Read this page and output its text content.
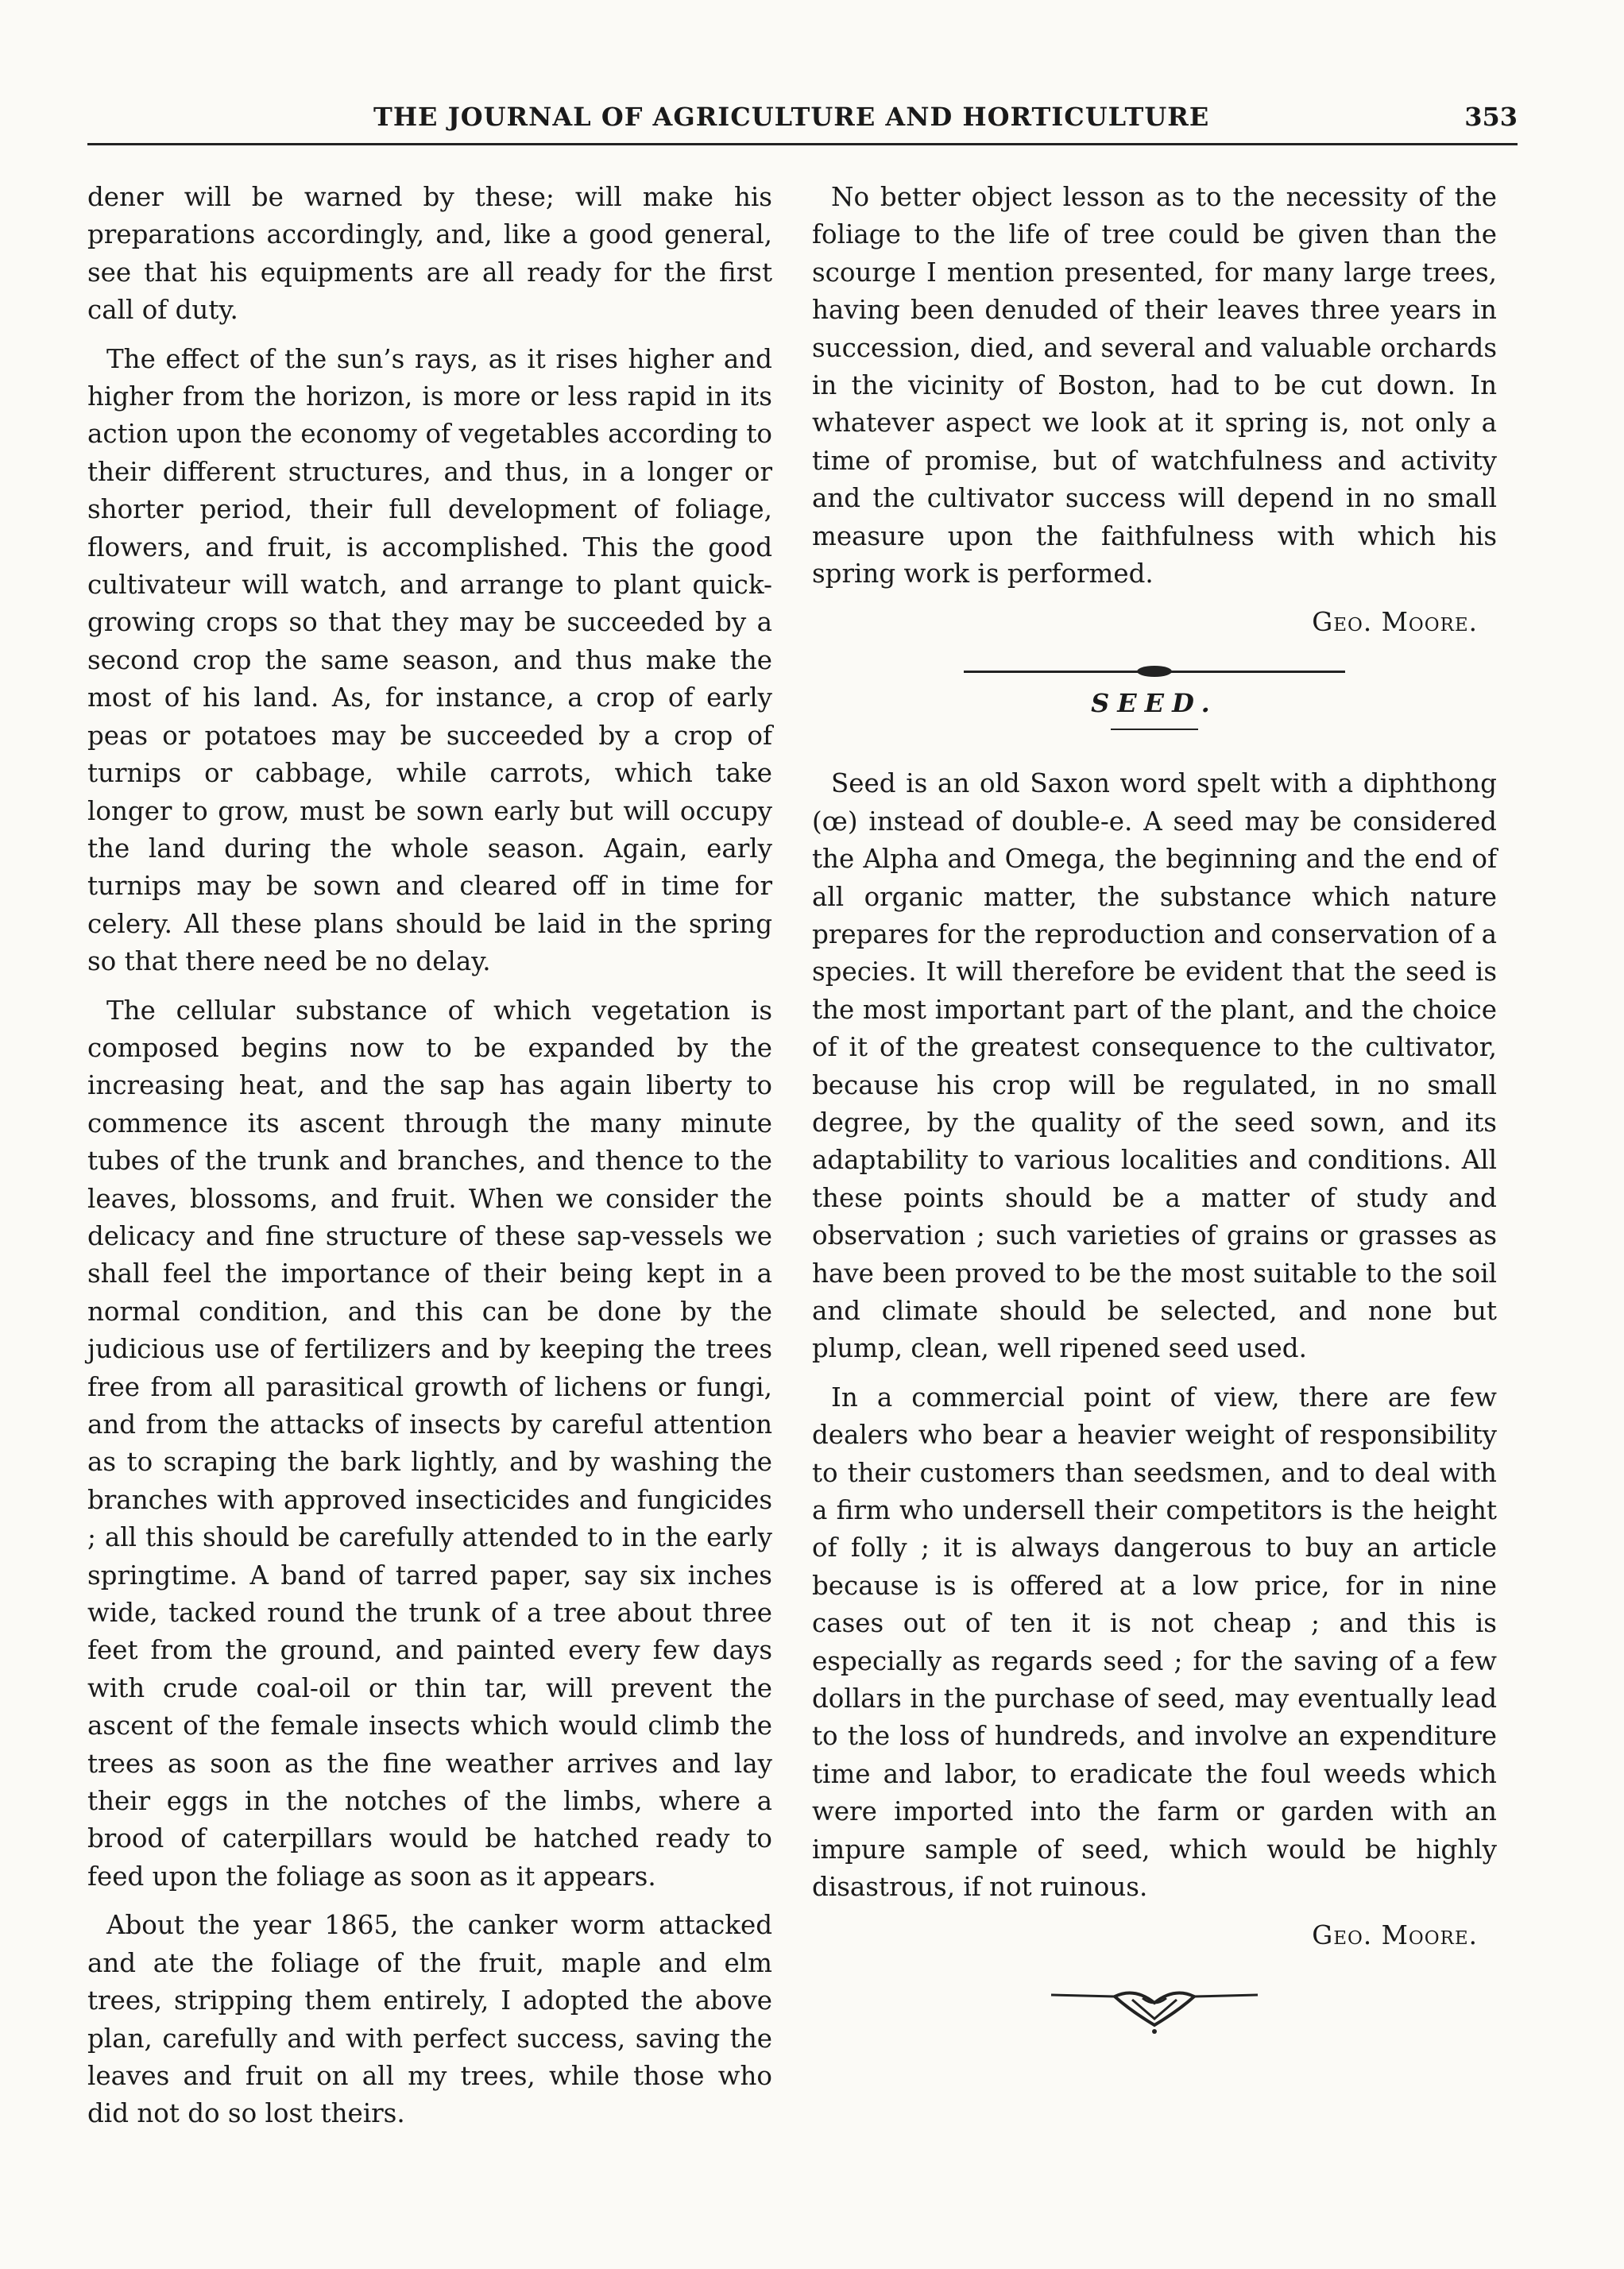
THE JOURNAL OF AGRICULTURE AND HORTICULTURE	353

dener will be warned by these; will make his preparations accordingly, and, like a good general, see that his equipments are all ready for the first call of duty.

The effect of the sun’s rays, as it rises higher and higher from the horizon, is more or less rapid in its action upon the economy of vegetables according to their different structures, and thus, in a longer or shorter period, their full development of foliage, flowers, and fruit, is accomplished. This the good cultivateur will watch, and arrange to plant quick-growing crops so that they may be succeeded by a second crop the same season, and thus make the most of his land. As, for instance, a crop of early peas or potatoes may be succeeded by a crop of turnips or cabbage, while carrots, which take longer to grow, must be sown early but will occupy the land during the whole season. Again, early turnips may be sown and cleared off in time for celery. All these plans should be laid in the spring so that there need be no delay.

The cellular substance of which vegetation is composed begins now to be expanded by the increasing heat, and the sap has again liberty to commence its ascent through the many minute tubes of the trunk and branches, and thence to the leaves, blossoms, and fruit. When we consider the delicacy and fine structure of these sap-vessels we shall feel the importance of their being kept in a normal condition, and this can be done by the judicious use of fertilizers and by keeping the trees free from all parasitical growth of lichens or fungi, and from the attacks of insects by careful attention as to scraping the bark lightly, and by washing the branches with approved insecticides and fungicides ; all this should be carefully attended to in the early springtime. A band of tarred paper, say six inches wide, tacked round the trunk of a tree about three feet from the ground, and painted every few days with crude coal-oil or thin tar, will prevent the ascent of the female insects which would climb the trees as soon as the fine weather arrives and lay their eggs in the notches of the limbs, where a brood of caterpillars would be hatched ready to feed upon the foliage as soon as it appears.

About the year 1865, the canker worm attacked and ate the foliage of the fruit, maple and elm trees, stripping them entirely, I adopted the above plan, carefully and with perfect success, saving the leaves and fruit on all my trees, while those who did not do so lost theirs.

No better object lesson as to the necessity of the foliage to the life of tree could be given than the scourge I mention presented, for many large trees, having been denuded of their leaves three years in succession, died, and several and valuable orchards in the vicinity of Boston, had to be cut down. In whatever aspect we look at it spring is, not only a time of promise, but of watchfulness and activity and the cultivator success will depend in no small measure upon the faithfulness with which his spring work is performed.

Geo. Moore.
SEED.

Seed is an old Saxon word spelt with a diphthong (œ) instead of double-e. A seed may be considered the Alpha and Omega, the beginning and the end of all organic matter, the substance which nature prepares for the reproduction and conservation of a species. It will therefore be evident that the seed is the most important part of the plant, and the choice of it of the greatest consequence to the cultivator, because his crop will be regulated, in no small degree, by the quality of the seed sown, and its adaptability to various localities and conditions. All these points should be a matter of study and observation ; such varieties of grains or grasses as have been proved to be the most suitable to the soil and climate should be selected, and none but plump, clean, well ripened seed used.

In a commercial point of view, there are few dealers who bear a heavier weight of responsibility to their customers than seedsmen, and to deal with a firm who undersell their competitors is the height of folly ; it is always dangerous to buy an article because is is offered at a low price, for in nine cases out of ten it is not cheap ; and this is especially as regards seed ; for the saving of a few dollars in the purchase of seed, may eventually lead to the loss of hundreds, and involve an expenditure time and labor, to eradicate the foul weeds which were imported into the farm or garden with an impure sample of seed, which would be highly disastrous, if not ruinous.

Geo. Moore.
